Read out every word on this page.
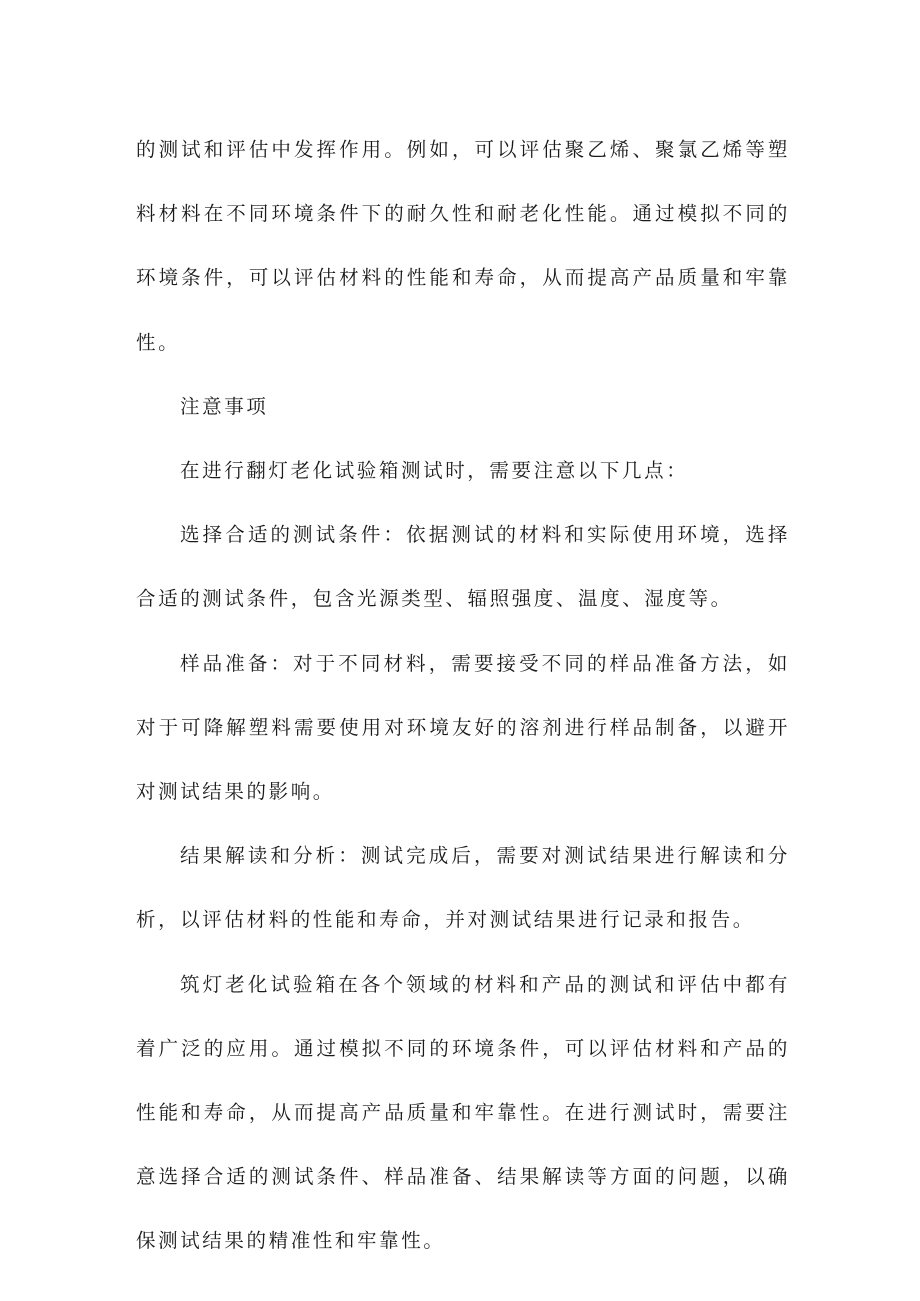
的测试和评估中发挥作用。例如，可以评估聚乙烯、聚氯乙烯等塑料材料在不同环境条件下的耐久性和耐老化性能。通过模拟不同的环境条件，可以评估材料的性能和寿命，从而提高产品质量和牢靠性。

注意事项

在进行翻灯老化试验箱测试时，需要注意以下几点：

选择合适的测试条件：依据测试的材料和实际使用环境，选择合适的测试条件，包含光源类型、辐照强度、温度、湿度等。

样品准备：对于不同材料，需要接受不同的样品准备方法，如对于可降解塑料需要使用对环境友好的溶剂进行样品制备，以避开对测试结果的影响。

结果解读和分析：测试完成后，需要对测试结果进行解读和分析，以评估材料的性能和寿命，并对测试结果进行记录和报告。

筑灯老化试验箱在各个领域的材料和产品的测试和评估中都有着广泛的应用。通过模拟不同的环境条件，可以评估材料和产品的性能和寿命，从而提高产品质量和牢靠性。在进行测试时，需要注意选择合适的测试条件、样品准备、结果解读等方面的问题，以确保测试结果的精准性和牢靠性。
